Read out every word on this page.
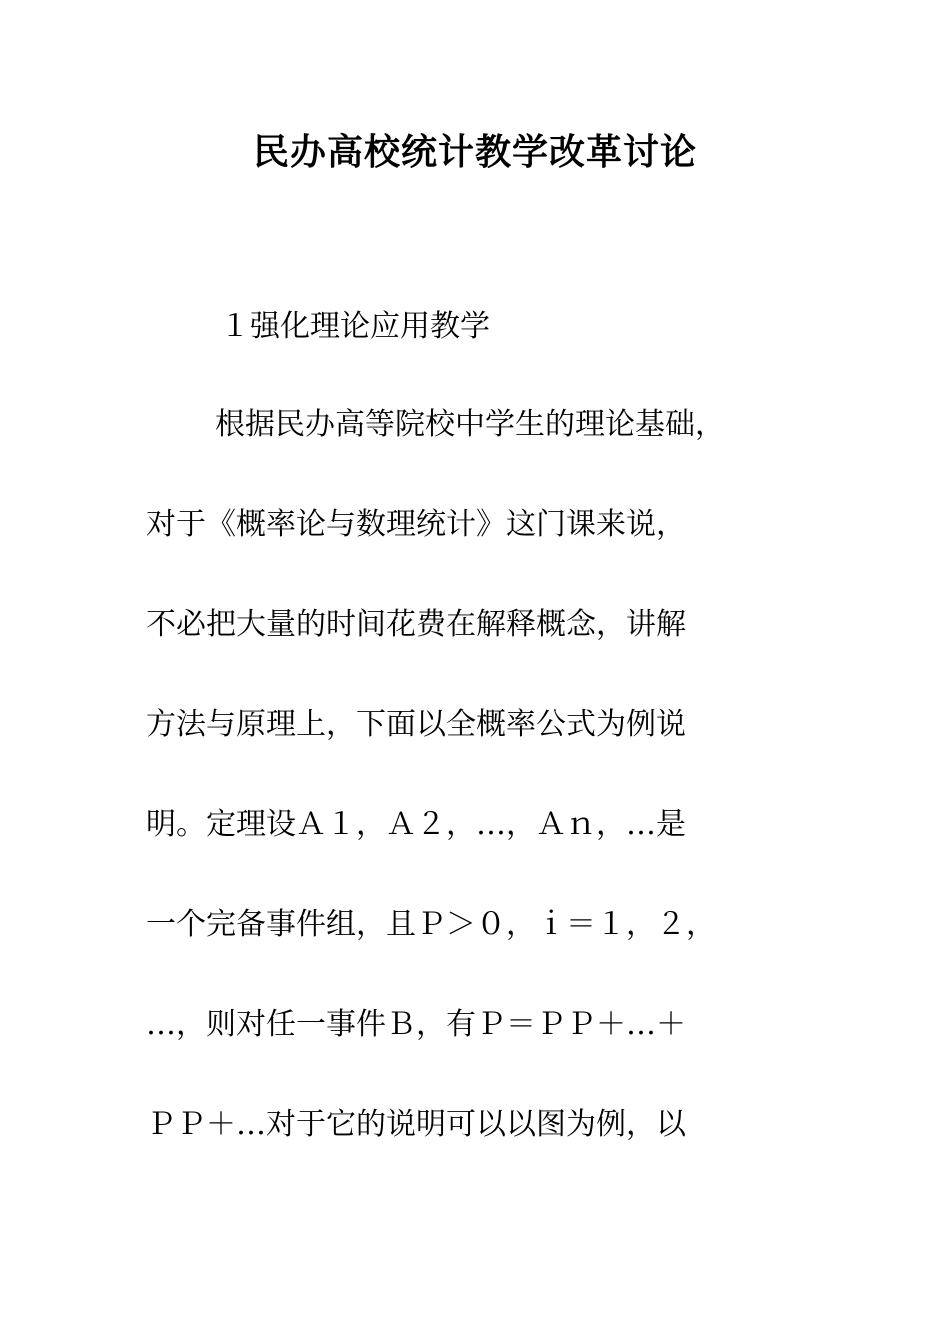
民办高校统计教学改革讨论
１强化理论应用教学
根据民办高等院校中学生的理论基础，
对于《概率论与数理统计》这门课来说，
不必把大量的时间花费在解释概念，讲解
方法与原理上，下面以全概率公式为例说
明。定理设Ａ１，Ａ２，…，Ａｎ，…是
一个完备事件组，且Ｐ＞０，ｉ＝１，２，
…，则对任一事件Ｂ，有Ｐ＝ＰＰ＋…＋
ＰＰ＋…对于它的说明可以以图为例，以
